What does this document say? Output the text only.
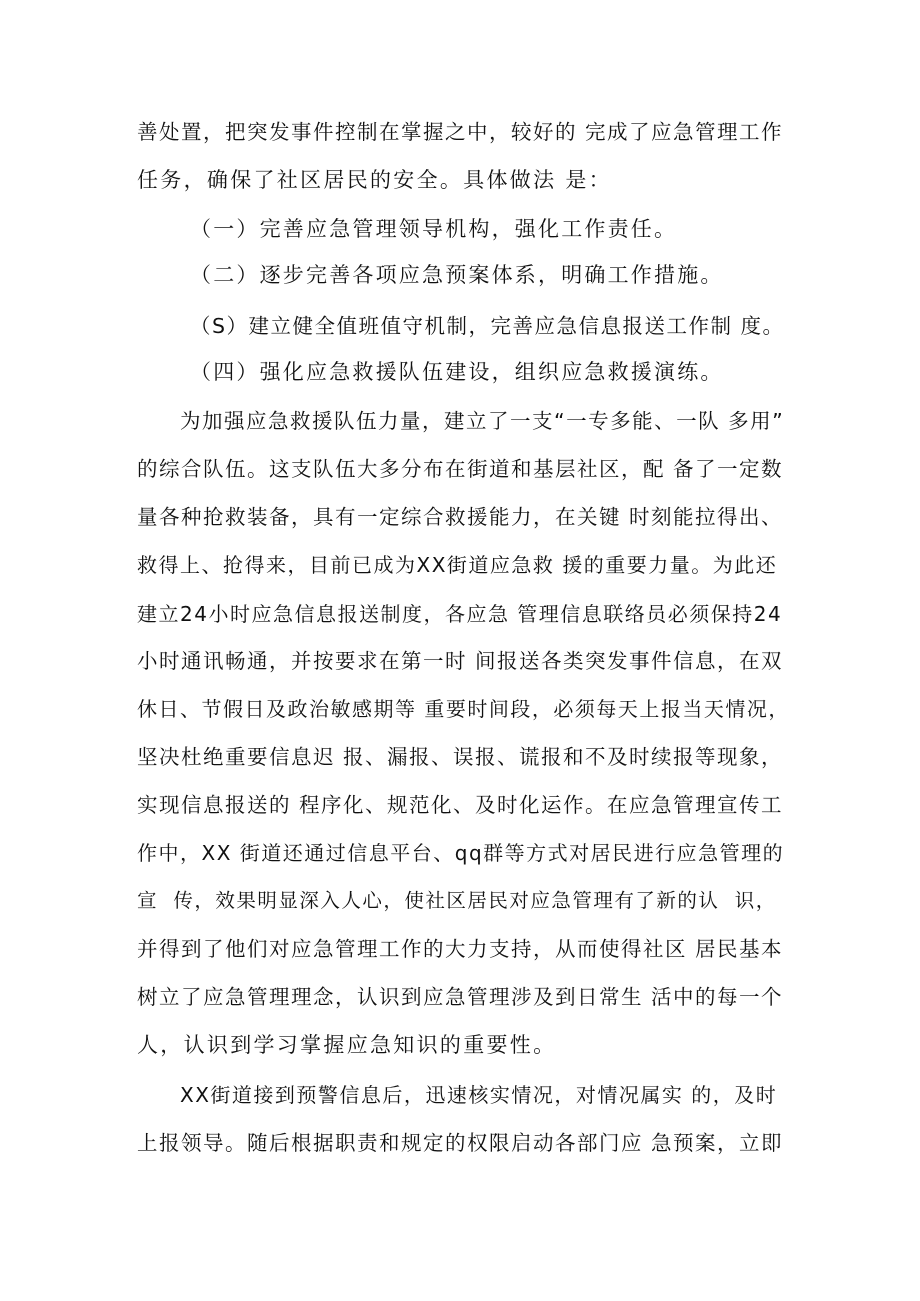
善处置，把突发事件控制在掌握之中，较好的 完成了应急管理工作
任务，确保了社区居民的安全。具体做法 是：
（一）完善应急管理领导机构，强化工作责任。
（二）逐步完善各项应急预案体系，明确工作措施。
（S）建立健全值班值守机制，完善应急信息报送工作制 度。
（四）强化应急救援队伍建设，组织应急救援演练。
为加强应急救援队伍力量，建立了一支“一专多能、一队 多用”
的综合队伍。这支队伍大多分布在街道和基层社区，配 备了一定数
量各种抢救装备，具有一定综合救援能力，在关键 时刻能拉得出、
救得上、抢得来，目前已成为XX街道应急救 援的重要力量。为此还
建立24小时应急信息报送制度，各应急 管理信息联络员必须保持24
小时通讯畅通，并按要求在第一时 间报送各类突发事件信息，在双
休日、节假日及政治敏感期等 重要时间段，必须每天上报当天情况，
坚决杜绝重要信息迟 报、漏报、误报、谎报和不及时续报等现象，
实现信息报送的 程序化、规范化、及时化运作。在应急管理宣传工
作中，XX 街道还通过信息平台、qq群等方式对居民进行应急管理的
宣  传，效果明显深入人心，使社区居民对应急管理有了新的认  识，
并得到了他们对应急管理工作的大力支持，从而使得社区 居民基本
树立了应急管理理念，认识到应急管理涉及到日常生 活中的每一个
人，认识到学习掌握应急知识的重要性。
XX街道接到预警信息后，迅速核实情况，对情况属实 的，及时
上报领导。随后根据职责和规定的权限启动各部门应 急预案，立即
